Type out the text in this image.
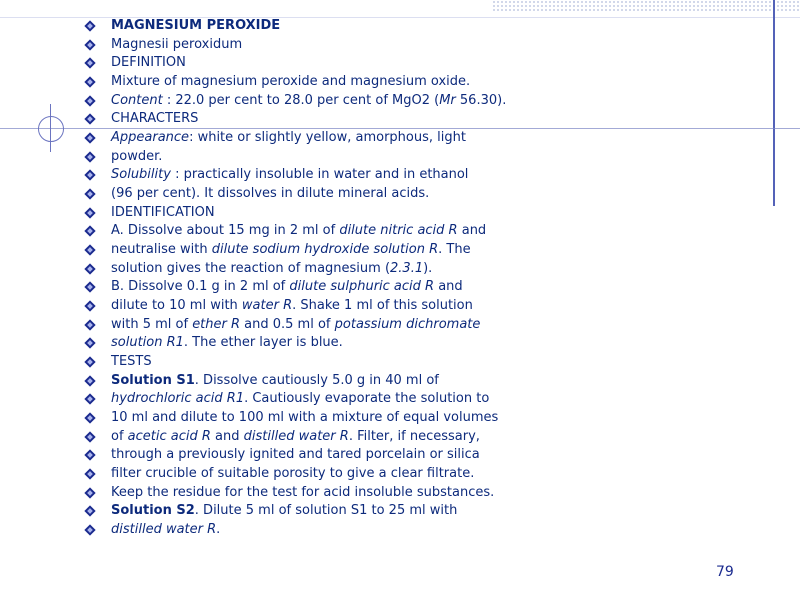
MAGNESIUM PEROXIDE
Magnesii peroxidum
DEFINITION
Mixture of magnesium peroxide and magnesium oxide.
Content : 22.0 per cent to 28.0 per cent of MgO2 (Mr 56.30).
CHARACTERS
Appearance: white or slightly yellow, amorphous, light
powder.
Solubility : practically insoluble in water and in ethanol
(96 per cent). It dissolves in dilute mineral acids.
IDENTIFICATION
A. Dissolve about 15 mg in 2 ml of dilute nitric acid R and
neutralise with dilute sodium hydroxide solution R. The
solution gives the reaction of magnesium (2.3.1).
B. Dissolve 0.1 g in 2 ml of dilute sulphuric acid R and
dilute to 10 ml with water R. Shake 1 ml of this solution
with 5 ml of ether R and 0.5 ml of potassium dichromate
solution R1. The ether layer is blue.
TESTS
Solution S1. Dissolve cautiously 5.0 g in 40 ml of
hydrochloric acid R1. Cautiously evaporate the solution to
10 ml and dilute to 100 ml with a mixture of equal volumes
of acetic acid R and distilled water R. Filter, if necessary,
through a previously ignited and tared porcelain or silica
filter crucible of suitable porosity to give a clear filtrate.
Keep the residue for the test for acid insoluble substances.
Solution S2. Dilute 5 ml of solution S1 to 25 ml with
distilled water R.
79
